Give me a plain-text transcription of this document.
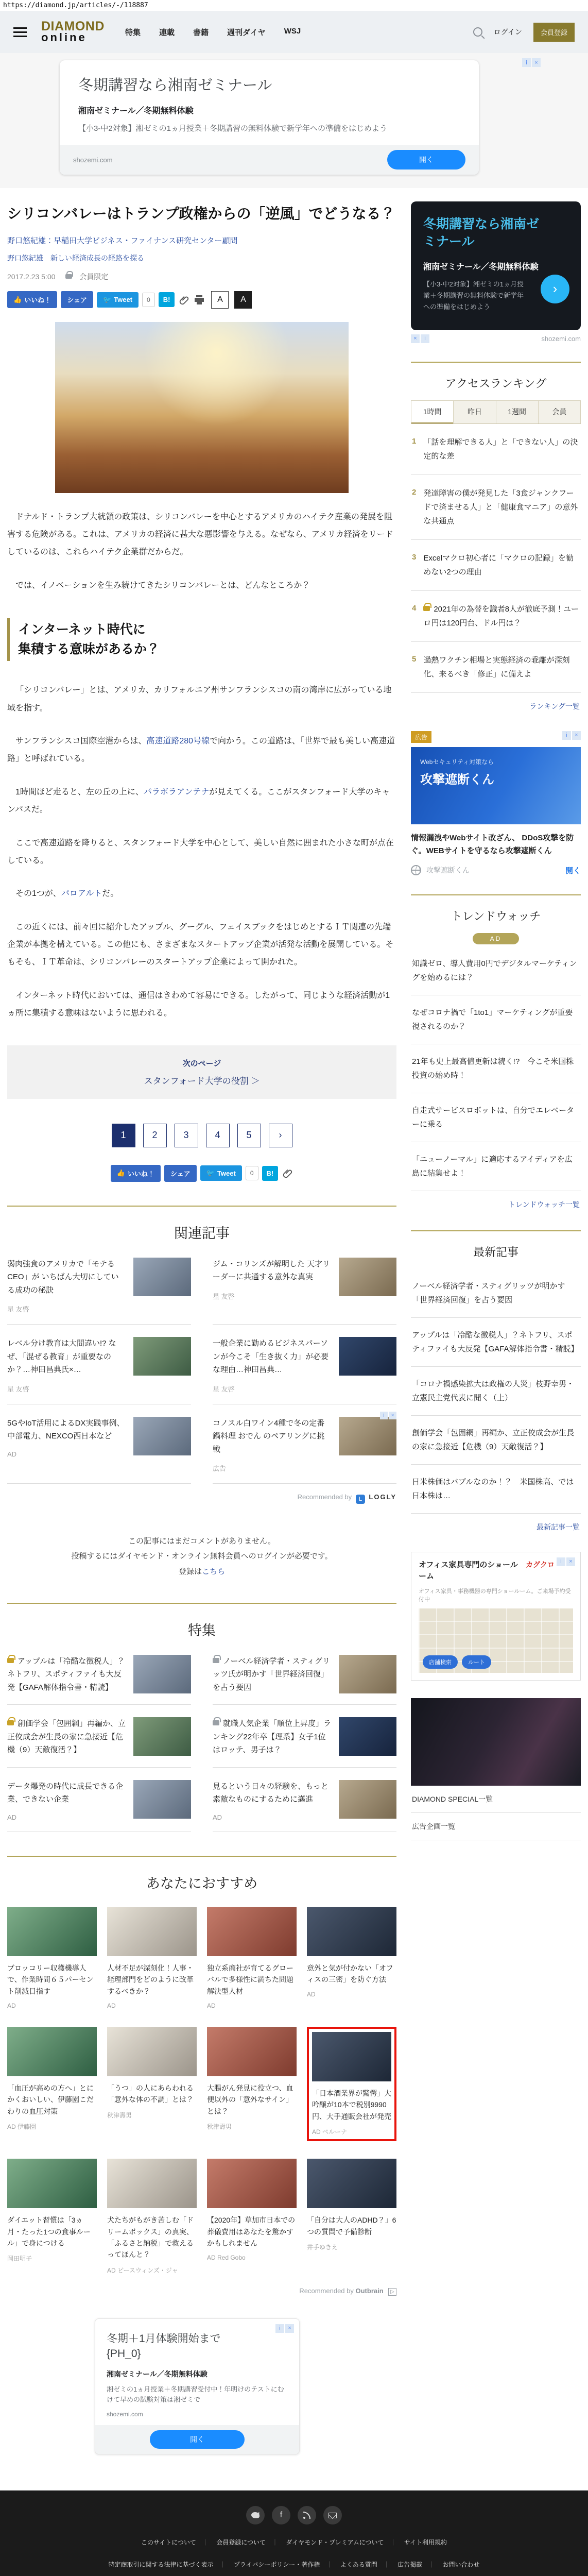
https://diamond.jp/articles/-/118887
DIAMOND
online	特集 連載 書籍 週刊ダイヤ WSJ	ログイン	会員登録
i	×
冬期講習なら湘南ゼミナール
湘南ゼミナール／冬期無料体験
【小3-中2対象】湘ゼミの1ヵ月授業＋冬期講習の無料体験で新学年への準備をはじめよう
shozemi.com	開く
シリコンバレーはトランプ政権からの「逆風」でどうなる？
野口悠紀雄：早稲田大学ビジネス・ファイナンス研究センター顧問
野口悠紀雄　新しい経済成長の経路を探る
2017.2.23 5:00	会員限定
👍 いいね！	シェア	🐦 Tweet	0	B!	A	A

ドナルド・トランプ大統領の政策は、シリコンバレーを中心とするアメリカのハイテク産業の発展を阻害する危険がある。これは、アメリカの経済に甚大な悪影響を与える。なぜなら、アメリカ経済をリードしているのは、これらハイテク企業群だからだ。

では、イノベーションを生み続けてきたシリコンバレーとは、どんなところか？

インターネット時代に
集積する意味があるか？

「シリコンバレー」とは、アメリカ、カリフォルニア州サンフランシスコの南の湾岸に広がっている地域を指す。

サンフランシスコ国際空港からは、高速道路280号線で向かう。この道路は、「世界で最も美しい高速道路」と呼ばれている。

1時間ほど走ると、左の丘の上に、パラボラアンテナが見えてくる。ここがスタンフォード大学のキャンパスだ。

ここで高速道路を降りると、スタンフォード大学を中心として、美しい自然に囲まれた小さな町が点在している。

その1つが、パロアルトだ。

この近くには、前々回に紹介したアップル、グーグル、フェイスブックをはじめとするＩＴ関連の先端企業が本拠を構えている。この他にも、さまざまなスタートアップ企業が活発な活動を展開している。そもそも、ＩＴ革命は、シリコンバレーのスタートアップ企業によって開かれた。

インターネット時代においては、通信はきわめて容易にできる。したがって、同じような経済活動が1ヵ所に集積する意味はないように思われる。

次のページ
スタンフォード大学の役割 ＞
1	2	3	4	5	›
👍 いいね！	シェア	🐦 Tweet	0	B!
関連記事
弱肉強食のアメリカで「モテるCEO」が いちばん大切にしている成功の秘訣
星 友啓
ジム・コリンズが解明した 天才リーダーに共通する意外な真実
星 友啓
レベル分け教育は大間違い!? なぜ、「混ぜる教育」が重要なのか？…神田昌典氏×…
星 友啓
一般企業に勤めるビジネスパーソンが今こそ「生き抜く力」が必要な理由…神田昌典…
星 友啓
5GやIoT活用によるDX実践事例、中部電力、NEXCO西日本など
AD
コノスル白ワイン4種で冬の定番鍋料理 おでん のペアリングに挑戦
広告
i	×
Recommended by ᒪ LOGLY
この記事にはまだコメントがありません。
投稿するにはダイヤモンド・オンライン無料会員へのログインが必要です。
登録はこちら
特集
アップルは「冷酷な徴税人」？ネトフリ、スポティファイも大反発【GAFA解体指令書・精読】
ノーベル経済学者・スティグリッツ氏が明かす「世界経済回復」を占う要因
創価学会「包囲網」再編か、立正佼成会が生長の家に急接近【危機（9）天敵復活？】
就職人気企業「順位上昇度」ランキング22年卒【理系】女子1位はロッテ、男子は？
データ爆発の時代に成長できる企業、できない企業
AD
見るという日々の経験を、もっと素敵なものにするために邁進
AD
あなたにおすすめ
ブロッコリー収穫機導入で、作業時間６５パーセント削減目指す
AD
人材不足が深刻化！人事・経理部門をどのように改革するべきか？
AD
独立系商社が育てるグローバルで多様性に満ちた問題解決型人材
AD
意外と気が付かない「オフィスの三密」を防ぐ方法
AD
「血圧が高めの方へ」とにかくおいしい、伊藤園こだわりの血圧対策
AD 伊藤園
「うつ」の人にあらわれる「意外な体の不調」とは？
秋津壽男
大腸がん発見に役立つ、血便以外の「意外なサイン」とは？
秋津壽男
「日本酒業界が驚愕」大吟醸が10本で税別9990円、大手通販会社が発売
AD ベルーナ
ダイエット習慣は「3ヵ月・たった1つの食事ルール」で身につける
岡田明子
犬たちがもがき苦しむ「ドリームボックス」の真実、「ふるさと納税」で救えるってほんと？
AD ピースウィンズ・ジャ
【2020年】草加市日本での葬儀費用はあなたを驚かすかもしれません
AD Red Gobo
「自分は大人のADHD？」6つの質問で予備診断
井手ゆきえ
Recommended by Outbrain ▷
i	×
冬期＋1月体験開始まで
{PH_0}
湘南ゼミナール／冬期無料体験
湘ゼミの1ヵ月授業＋冬期講習受付中！年明けのテストにむけて早めの試験対策は湘ゼミで
shozemi.com
開く
冬期講習なら湘南ゼ
ミナール
湘南ゼミナール／冬期無料体験
【小3-中2対象】湘ゼミの1ヵ月授業＋冬期講習の無料体験で新学年への準備をはじめよう
›
×	i	shozemi.com
アクセスランキング
1時間	昨日	1週間	会員
1 「話を理解できる人」と「できない人」の決定的な差
2 発達障害の僕が発見した「3食ジャンクフードで済ませる人」と「健康食マニア」の意外な共通点
3 Excelマクロ初心者に「マクロの記録」を勧めない2つの理由
4	2021年の為替を識者8人が徹底予測！ユーロ円は120円台、ドル円は？
5 過熱ワクチン相場と実態経済の乖離が深刻化、来るべき「修正」に備えよ
ランキング一覧
広告	i	×
Webセキュリティ対策なら
攻撃遮断くん
情報漏洩やWebサイト改ざん、 DDoS攻撃を防ぐ。WEBサイトを守るなら攻撃遮断くん
攻撃遮断くん	開く
トレンドウォッチ
AD
知識ゼロ、導入費用0円でデジタルマーケティングを始めるには？
なぜコロナ禍で「1to1」マーケティングが重要視されるのか？
21年も史上最高値更新は続く!?　今こそ米国株投資の始め時！
自走式サービスロボットは、自分でエレベーターに乗る
「ニューノーマル」に適応するアイディアを広島に結集せよ！
トレンドウォッチ一覧
最新記事
ノーベル経済学者・スティグリッツが明かす「世界経済回復」を占う要因
アップルは「冷酷な徴税人」？ネトフリ、スポティファイも大反発【GAFA解体指令書・精読】
「コロナ禍感染拡大は政権の人災」枝野幸男・立憲民主党代表に聞く（上）
創価学会「包囲網」再編か、立正佼成会が生長の家に急接近【危機（9）天敵復活？】
日米株価はバブルなのか！？　米国株高、では日本株は…
最新記事一覧
i	×
オフィス家具専門のショールーム
カグクロ
オフィス家具・事務機器の専門ショールーム。ご来場予約受付中
店舗検索	ルート
DIAMOND SPECIAL一覧
広告企画一覧
f
このサイトについて ｜	会員登録について ｜	ダイヤモンド・プレミアムについて ｜	サイト利用規約
特定商取引に関する法律に基づく表示 ｜	プライバシーポリシー・著作権 ｜	よくある質問 ｜	広告掲載 ｜	お問い合わせ
